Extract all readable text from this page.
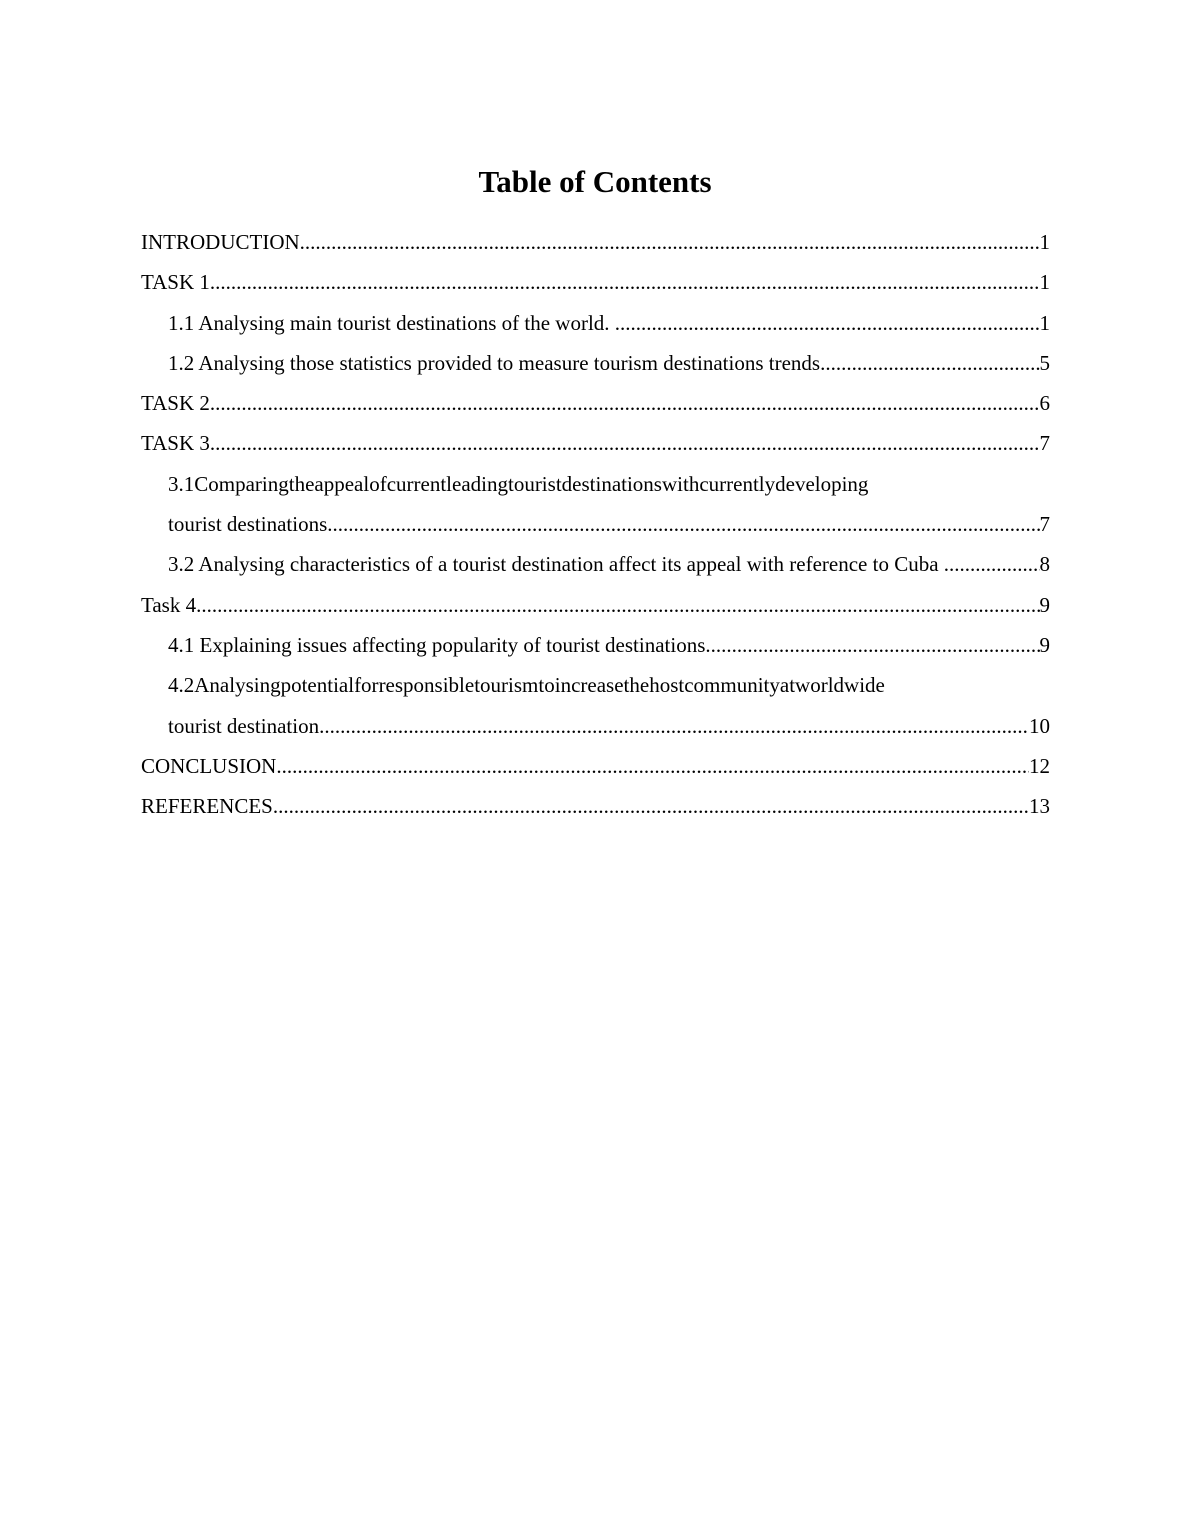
Table of Contents
INTRODUCTION .....	1
TASK 1 .....	1
1.1 Analysing main tourist destinations of the world. .....	1
1.2 Analysing those statistics provided to measure tourism destinations trends .....	5
TASK 2 .....	6
TASK 3 .....	7
3.1Comparingtheappealofcurrentleadingtouristdestinationswithcurrentlydeveloping
tourist destinations .....	7
3.2 Analysing characteristics of a tourist destination affect its appeal with reference to Cuba .....	8
Task 4 .....	9
4.1 Explaining issues affecting popularity of tourist destinations .....	9
4.2Analysingpotentialforresponsibletourismtoincreasethehostcommunityatworldwide
tourist destination .....	10
CONCLUSION .....	12
REFERENCES .....	13
